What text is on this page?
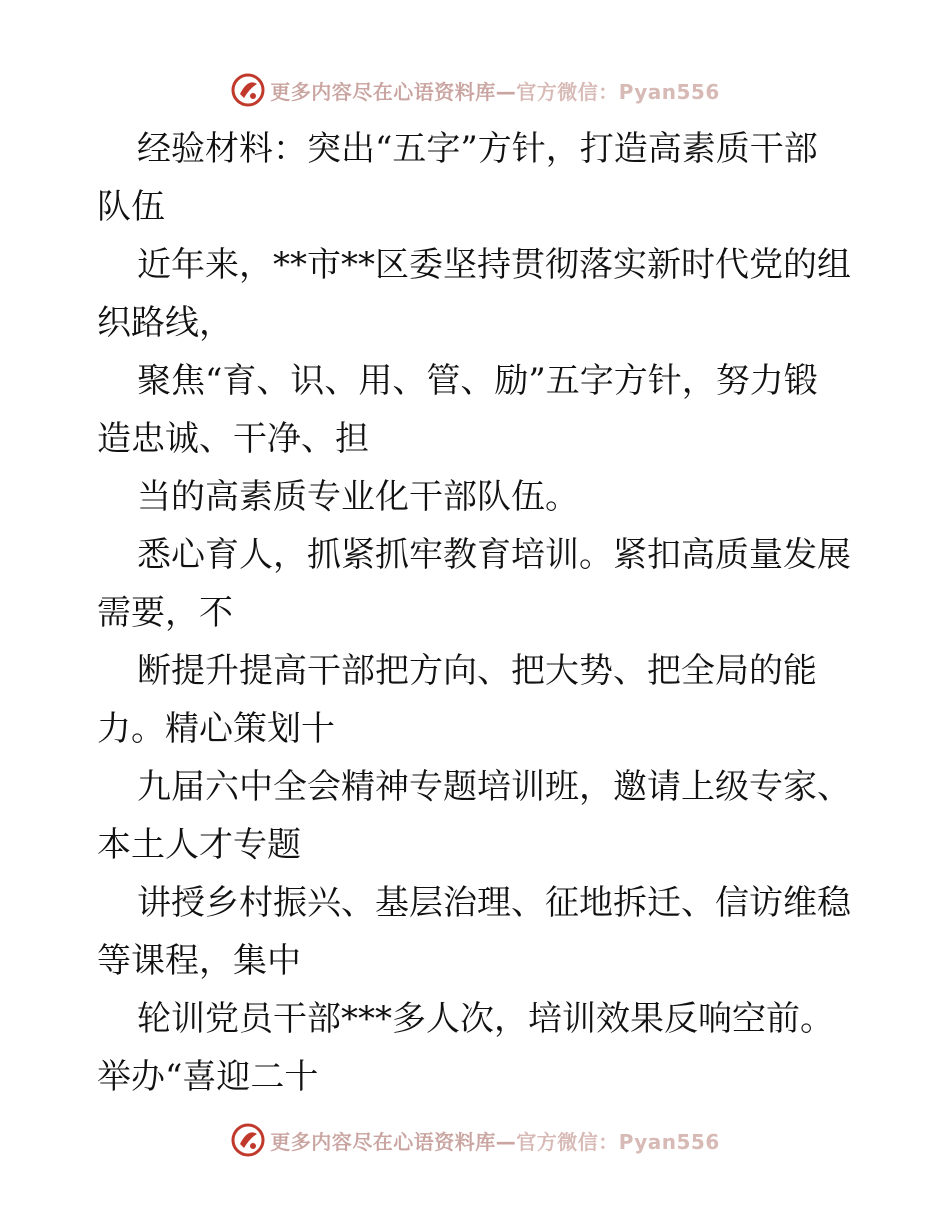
更多内容尽在心语资料库—官方微信：Pyan556
经验材料：突出“五字”方针，打造高素质干部
队伍
近年来，**市**区委坚持贯彻落实新时代党的组
织路线，
聚焦“育、识、用、管、励”五字方针，努力锻
造忠诚、干净、担
当的高素质专业化干部队伍。
悉心育人，抓紧抓牢教育培训。紧扣高质量发展
需要，不
断提升提高干部把方向、把大势、把全局的能
力。精心策划十
九届六中全会精神专题培训班，邀请上级专家、
本土人才专题
讲授乡村振兴、基层治理、征地拆迁、信访维稳
等课程，集中
轮训党员干部***多人次，培训效果反响空前。
举办“喜迎二十
更多内容尽在心语资料库—官方微信：Pyan556
